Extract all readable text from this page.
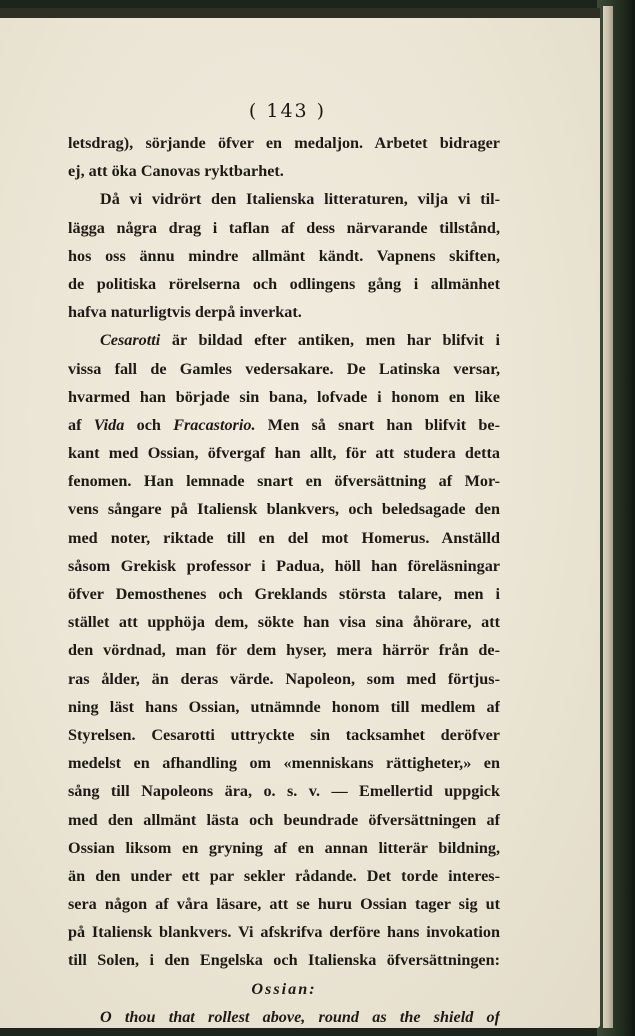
( 143 )
letsdrag), sörjande öfver en medaljon. Arbetet bidrager
ej, att öka Canovas ryktbarhet.
Då vi vidrört den Italienska litteraturen, vilja vi til-
lägga några drag i taflan af dess närvarande tillstånd,
hos oss ännu mindre allmänt kändt. Vapnens skiften,
de politiska rörelserna och odlingens gång i allmänhet
hafva naturligtvis derpå inverkat.
Cesarotti är bildad efter antiken, men har blifvit i
vissa fall de Gamles vedersakare. De Latinska versar,
hvarmed han började sin bana, lofvade i honom en like
af Vida och Fracastorio. Men så snart han blifvit be-
kant med Ossian, öfvergaf han allt, för att studera detta
fenomen. Han lemnade snart en öfversättning af Mor-
vens sångare på Italiensk blankvers, och beledsagade den
med noter, riktade till en del mot Homerus. Anställd
såsom Grekisk professor i Padua, höll han föreläsningar
öfver Demosthenes och Greklands största talare, men i
stället att upphöja dem, sökte han visa sina åhörare, att
den vördnad, man för dem hyser, mera härrör från de-
ras ålder, än deras värde. Napoleon, som med förtjus-
ning läst hans Ossian, utnämnde honom till medlem af
Styrelsen. Cesarotti uttryckte sin tacksamhet deröfver
medelst en afhandling om «menniskans rättigheter,» en
sång till Napoleons ära, o. s. v. — Emellertid uppgick
med den allmänt lästa och beundrade öfversättningen af
Ossian liksom en gryning af en annan litterär bildning,
än den under ett par sekler rådande. Det torde interes-
sera någon af våra läsare, att se huru Ossian tager sig ut
på Italiensk blankvers. Vi afskrifva derföre hans invokation
till Solen, i den Engelska och Italienska öfversättningen:
Ossian:
O thou that rollest above, round as the shield of
